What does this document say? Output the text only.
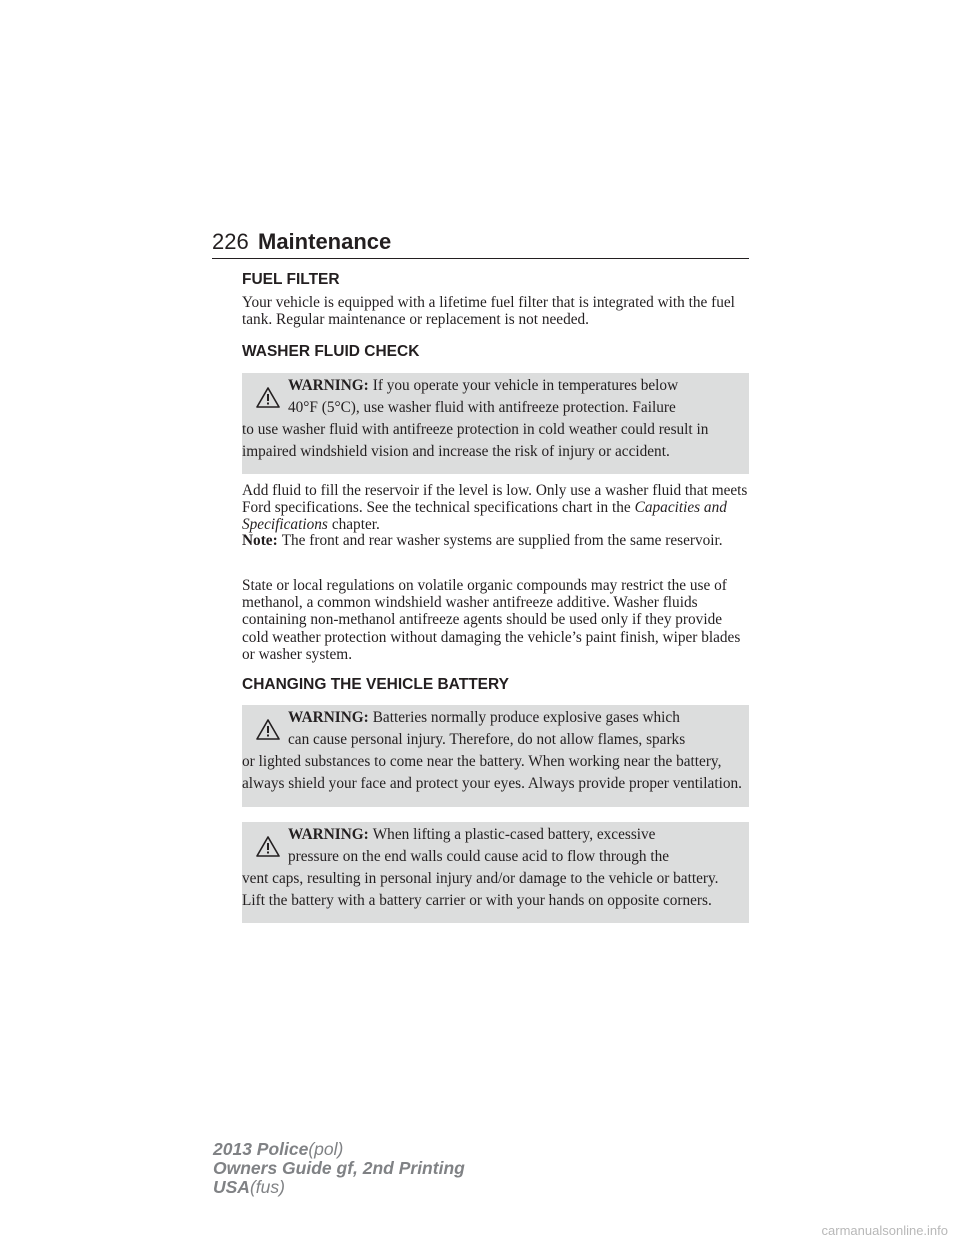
226 Maintenance
FUEL FILTER

Your vehicle is equipped with a lifetime fuel filter that is integrated with the fuel tank. Regular maintenance or replacement is not needed.

WASHER FLUID CHECK
WARNING: If you operate your vehicle in temperatures below
40°F (5°C), use washer fluid with antifreeze protection. Failure
to use washer fluid with antifreeze protection in cold weather could result in impaired windshield vision and increase the risk of injury or accident.

Add fluid to fill the reservoir if the level is low. Only use a washer fluid that meets Ford specifications. See the technical specifications chart in the Capacities and Specifications chapter.

Note: The front and rear washer systems are supplied from the same reservoir.

State or local regulations on volatile organic compounds may restrict the use of methanol, a common windshield washer antifreeze additive. Washer fluids containing non-methanol antifreeze agents should be used only if they provide cold weather protection without damaging the vehicle’s paint finish, wiper blades or washer system.

CHANGING THE VEHICLE BATTERY
WARNING: Batteries normally produce explosive gases which
can cause personal injury. Therefore, do not allow flames, sparks
or lighted substances to come near the battery. When working near the battery, always shield your face and protect your eyes. Always provide proper ventilation.
WARNING: When lifting a plastic-cased battery, excessive
pressure on the end walls could cause acid to flow through the
vent caps, resulting in personal injury and/or damage to the vehicle or battery. Lift the battery with a battery carrier or with your hands on opposite corners.
2013 Police(pol)
Owners Guide gf, 2nd Printing
USA(fus)
carmanualsonline.info
